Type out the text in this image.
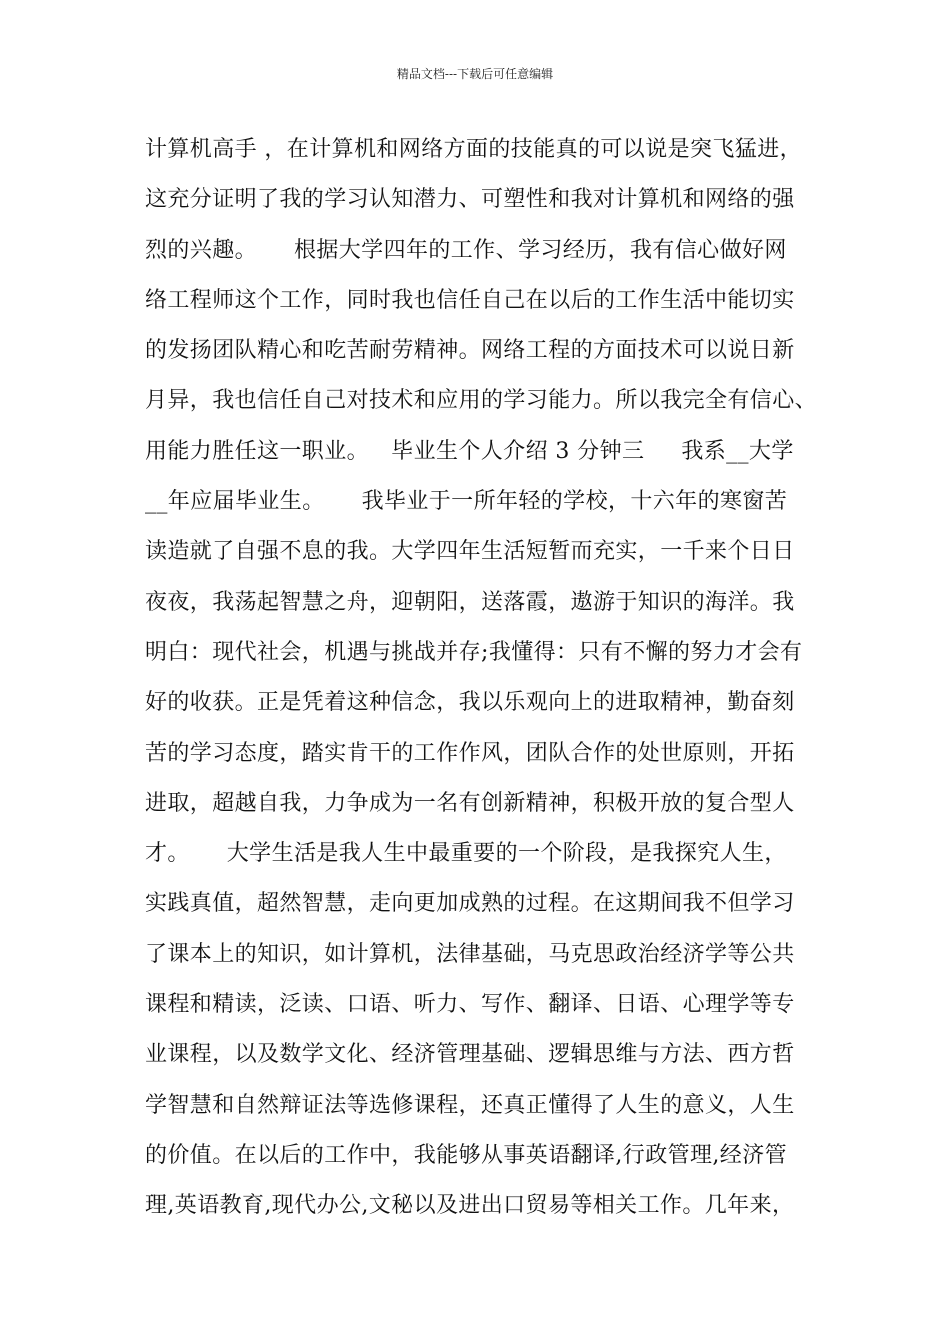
精品文档---下载后可任意编辑
计算机高手 ，在计算机和网络方面的技能真的可以说是突飞猛进，
这充分证明了我的学习认知潜力、可塑性和我对计算机和网络的强
烈的兴趣。     根据大学四年的工作、学习经历，我有信心做好网
络工程师这个工作，同时我也信任自己在以后的工作生活中能切实
的发扬团队精心和吃苦耐劳精神。网络工程的方面技术可以说日新
月异，我也信任自己对技术和应用的学习能力。所以我完全有信心、
用能力胜任这一职业。   毕业生个人介绍 3 分钟三     我系__大学
__年应届毕业生。     我毕业于一所年轻的学校，十六年的寒窗苦
读造就了自强不息的我。大学四年生活短暂而充实，一千来个日日
夜夜，我荡起智慧之舟，迎朝阳，送落霞，遨游于知识的海洋。我
明白：现代社会，机遇与挑战并存;我懂得：只有不懈的努力才会有
好的收获。正是凭着这种信念，我以乐观向上的进取精神，勤奋刻
苦的学习态度，踏实肯干的工作作风，团队合作的处世原则，开拓
进取，超越自我，力争成为一名有创新精神，积极开放的复合型人
才。     大学生活是我人生中最重要的一个阶段，是我探究人生，
实践真值，超然智慧，走向更加成熟的过程。在这期间我不但学习
了课本上的知识，如计算机，法律基础，马克思政治经济学等公共
课程和精读，泛读、口语、听力、写作、翻译、日语、心理学等专
业课程，以及数学文化、经济管理基础、逻辑思维与方法、西方哲
学智慧和自然辩证法等选修课程，还真正懂得了人生的意义，人生
的价值。在以后的工作中，我能够从事英语翻译,行政管理,经济管
理,英语教育,现代办公,文秘以及进出口贸易等相关工作。几年来，
